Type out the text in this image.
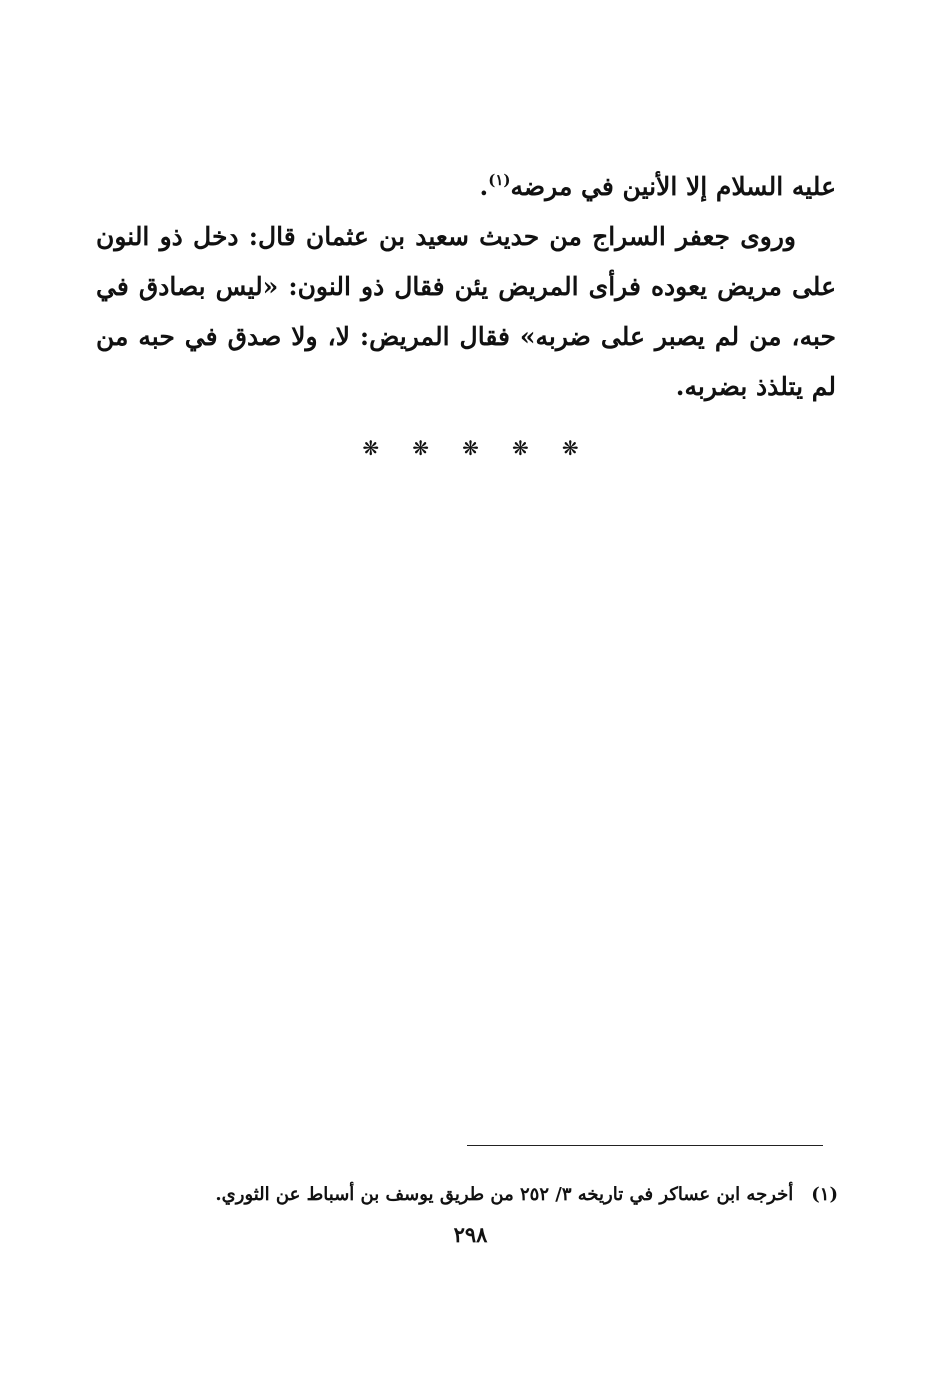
عليه السلام إلا الأنين في مرضه$^{(١)}$.

وروى جعفر السراج من حديث سعيد بن عثمان قال: دخل ذو النون على مريض يعوده فرأى المريض يئن فقال ذو النون: «ليس بصادق في حبه، من لم يصبر على ضربه» فقال المريض: لا، ولا صدق في حبه من لم يتلذذ بضربه.

❋ ❋ ❋ ❋ ❋
(١)أخرجه ابن عساكر في تاريخه ٣/ ٢٥٢ من طريق يوسف بن أسباط عن الثوري.
٢٩٨
